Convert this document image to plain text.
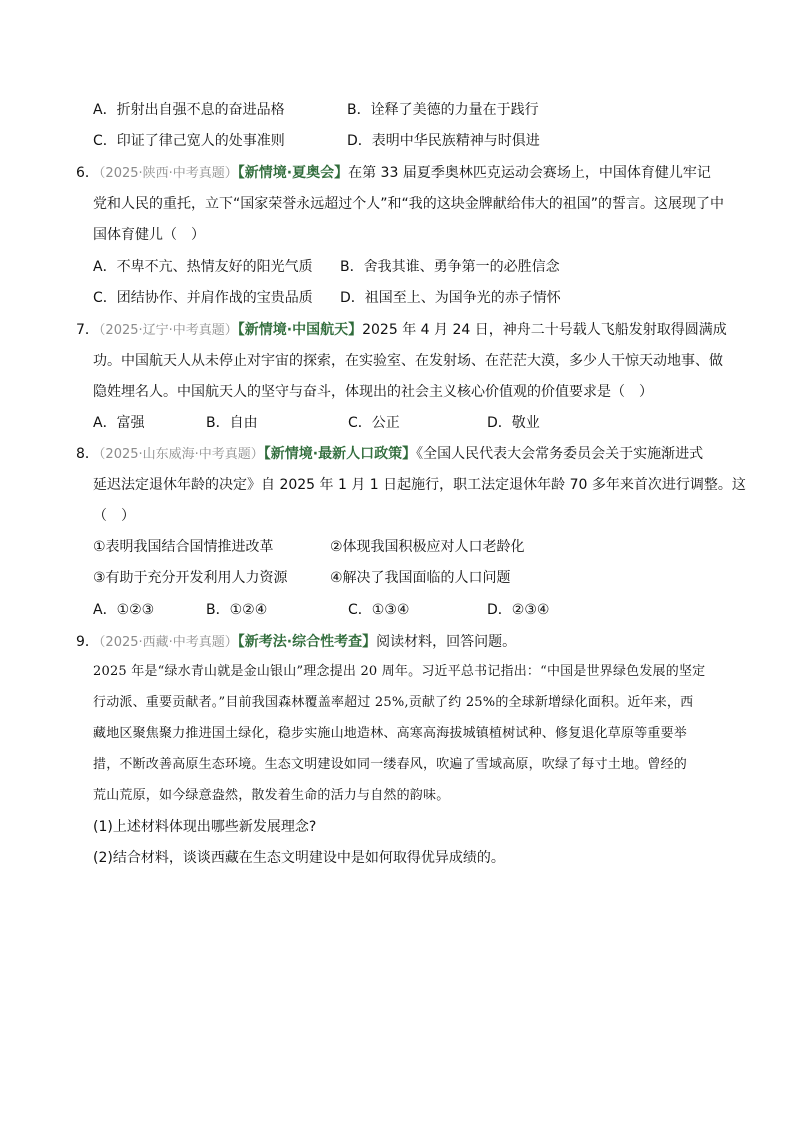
A．折射出自强不息的奋进品格	B．诠释了美德的力量在于践行
C．印证了律己宽人的处事准则	D．表明中华民族精神与时俱进
6．（2025·陕西·中考真题）【新情境·夏奥会】在第 33 届夏季奥林匹克运动会赛场上，中国体育健儿牢记
党和人民的重托，立下“国家荣誉永远超过个人”和“我的这块金牌献给伟大的祖国”的誓言。这展现了中
国体育健儿（　）
A．不卑不亢、热情友好的阳光气质 B．舍我其谁、勇争第一的必胜信念
C．团结协作、并肩作战的宝贵品质 D．祖国至上、为国争光的赤子情怀
7．（2025·辽宁·中考真题）【新情境·中国航天】2025 年 4 月 24 日，神舟二十号载人飞船发射取得圆满成
功。中国航天人从未停止对宇宙的探索，在实验室、在发射场、在茫茫大漠，多少人干惊天动地事、做
隐姓埋名人。中国航天人的坚守与奋斗，体现出的社会主义核心价值观的价值要求是（　）
A．富强	B．自由	C．公正	D．敬业
8．（2025·山东威海·中考真题）【新情境·最新人口政策】《全国人民代表大会常务委员会关于实施渐进式
延迟法定退休年龄的决定》自 2025 年 1 月 1 日起施行，职工法定退休年龄 70 多年来首次进行调整。这
（　）
①表明我国结合国情推进改革	②体现我国积极应对人口老龄化
③有助于充分开发利用人力资源	④解决了我国面临的人口问题
A．①②③	B．①②④	C．①③④	D．②③④
9．（2025·西藏·中考真题）【新考法·综合性考查】阅读材料，回答问题。
2025 年是“绿水青山就是金山银山”理念提出 20 周年。习近平总书记指出：“中国是世界绿色发展的坚定
行动派、重要贡献者。”目前我国森林覆盖率超过 25%,贡献了约 25%的全球新增绿化面积。近年来，西
藏地区聚焦聚力推进国土绿化，稳步实施山地造林、高寒高海拔城镇植树试种、修复退化草原等重要举
措，不断改善高原生态环境。生态文明建设如同一缕春风，吹遍了雪域高原，吹绿了每寸土地。曾经的
荒山荒原，如今绿意盎然，散发着生命的活力与自然的韵味。
(1)上述材料体现出哪些新发展理念?
(2)结合材料，谈谈西藏在生态文明建设中是如何取得优异成绩的。
